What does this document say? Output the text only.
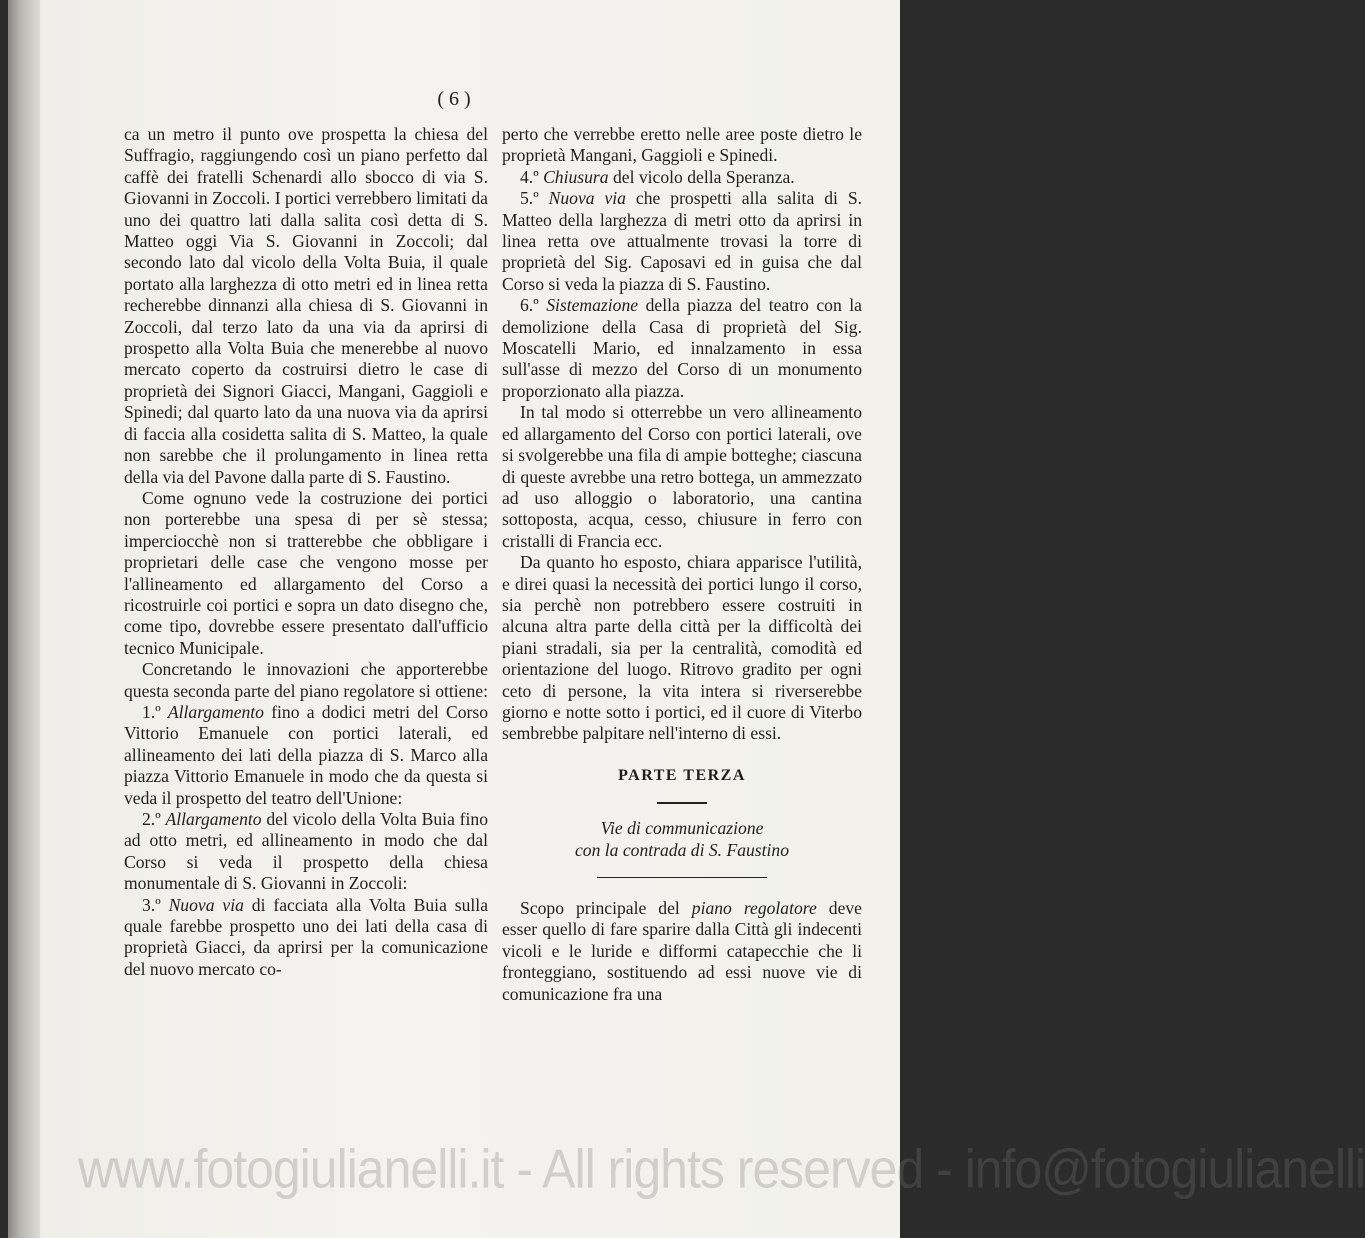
( 6 )

ca un metro il punto ove prospetta la chiesa del Suffragio, raggiungendo così un piano perfetto dal caffè dei fratelli Schenardi allo sbocco di via S. Giovanni in Zoccoli. I portici verrebbero limitati da uno dei quattro lati dalla salita così detta di S. Matteo oggi Via S. Giovanni in Zoccoli; dal secondo lato dal vicolo della Volta Buia, il quale portato alla larghezza di otto metri ed in linea retta recherebbe dinnanzi alla chiesa di S. Giovanni in Zoccoli, dal terzo lato da una via da aprirsi di prospetto alla Volta Buia che menerebbe al nuovo mercato coperto da costruirsi dietro le case di proprietà dei Signori Giacci, Mangani, Gaggioli e Spinedi; dal quarto lato da una nuova via da aprirsi di faccia alla cosidetta salita di S. Matteo, la quale non sarebbe che il prolungamento in linea retta della via del Pavone dalla parte di S. Faustino.

Come ognuno vede la costruzione dei portici non porterebbe una spesa di per sè stessa; imperciocchè non si tratterebbe che obbligare i proprietari delle case che vengono mosse per l'allineamento ed allargamento del Corso a ricostruirle coi portici e sopra un dato disegno che, come tipo, dovrebbe essere presentato dall'ufficio tecnico Municipale.

Concretando le innovazioni che apporterebbe questa seconda parte del piano regolatore si ottiene:

1.º Allargamento fino a dodici metri del Corso Vittorio Emanuele con portici laterali, ed allineamento dei lati della piazza di S. Marco alla piazza Vittorio Emanuele in modo che da questa si veda il prospetto del teatro dell'Unione:

2.º Allargamento del vicolo della Volta Buia fino ad otto metri, ed allineamento in modo che dal Corso si veda il prospetto della chiesa monumentale di S. Giovanni in Zoccoli:

3.º Nuova via di facciata alla Volta Buia sulla quale farebbe prospetto uno dei lati della casa di proprietà Giacci, da aprirsi per la comunicazione del nuovo mercato co-

perto che verrebbe eretto nelle aree poste dietro le proprietà Mangani, Gaggioli e Spinedi.

4.º Chiusura del vicolo della Speranza.

5.º Nuova via che prospetti alla salita di S. Matteo della larghezza di metri otto da aprirsi in linea retta ove attualmente trovasi la torre di proprietà del Sig. Caposavi ed in guisa che dal Corso si veda la piazza di S. Faustino.

6.º Sistemazione della piazza del teatro con la demolizione della Casa di proprietà del Sig. Moscatelli Mario, ed innalzamento in essa sull'asse di mezzo del Corso di un monumento proporzionato alla piazza.

In tal modo si otterrebbe un vero allineamento ed allargamento del Corso con portici laterali, ove si svolgerebbe una fila di ampie botteghe; ciascuna di queste avrebbe una retro bottega, un ammezzato ad uso alloggio o laboratorio, una cantina sottoposta, acqua, cesso, chiusure in ferro con cristalli di Francia ecc.

Da quanto ho esposto, chiara apparisce l'utilità, e direi quasi la necessità dei portici lungo il corso, sia perchè non potrebbero essere costruiti in alcuna altra parte della città per la difficoltà dei piani stradali, sia per la centralità, comodità ed orientazione del luogo. Ritrovo gradito per ogni ceto di persone, la vita intera si riverserebbe giorno e notte sotto i portici, ed il cuore di Viterbo sembrebbe palpitare nell'interno di essi.

PARTE TERZA

Vie di communicazione

con la contrada di S. Faustino

Scopo principale del piano regolatore deve esser quello di fare sparire dalla Città gli indecenti vicoli e le luride e difformi catapecchie che li fronteggiano, sostituendo ad essi nuove vie di comunicazione fra una

www.fotogiulianelli.it - All rights reserved - info@fotogiulianelli
